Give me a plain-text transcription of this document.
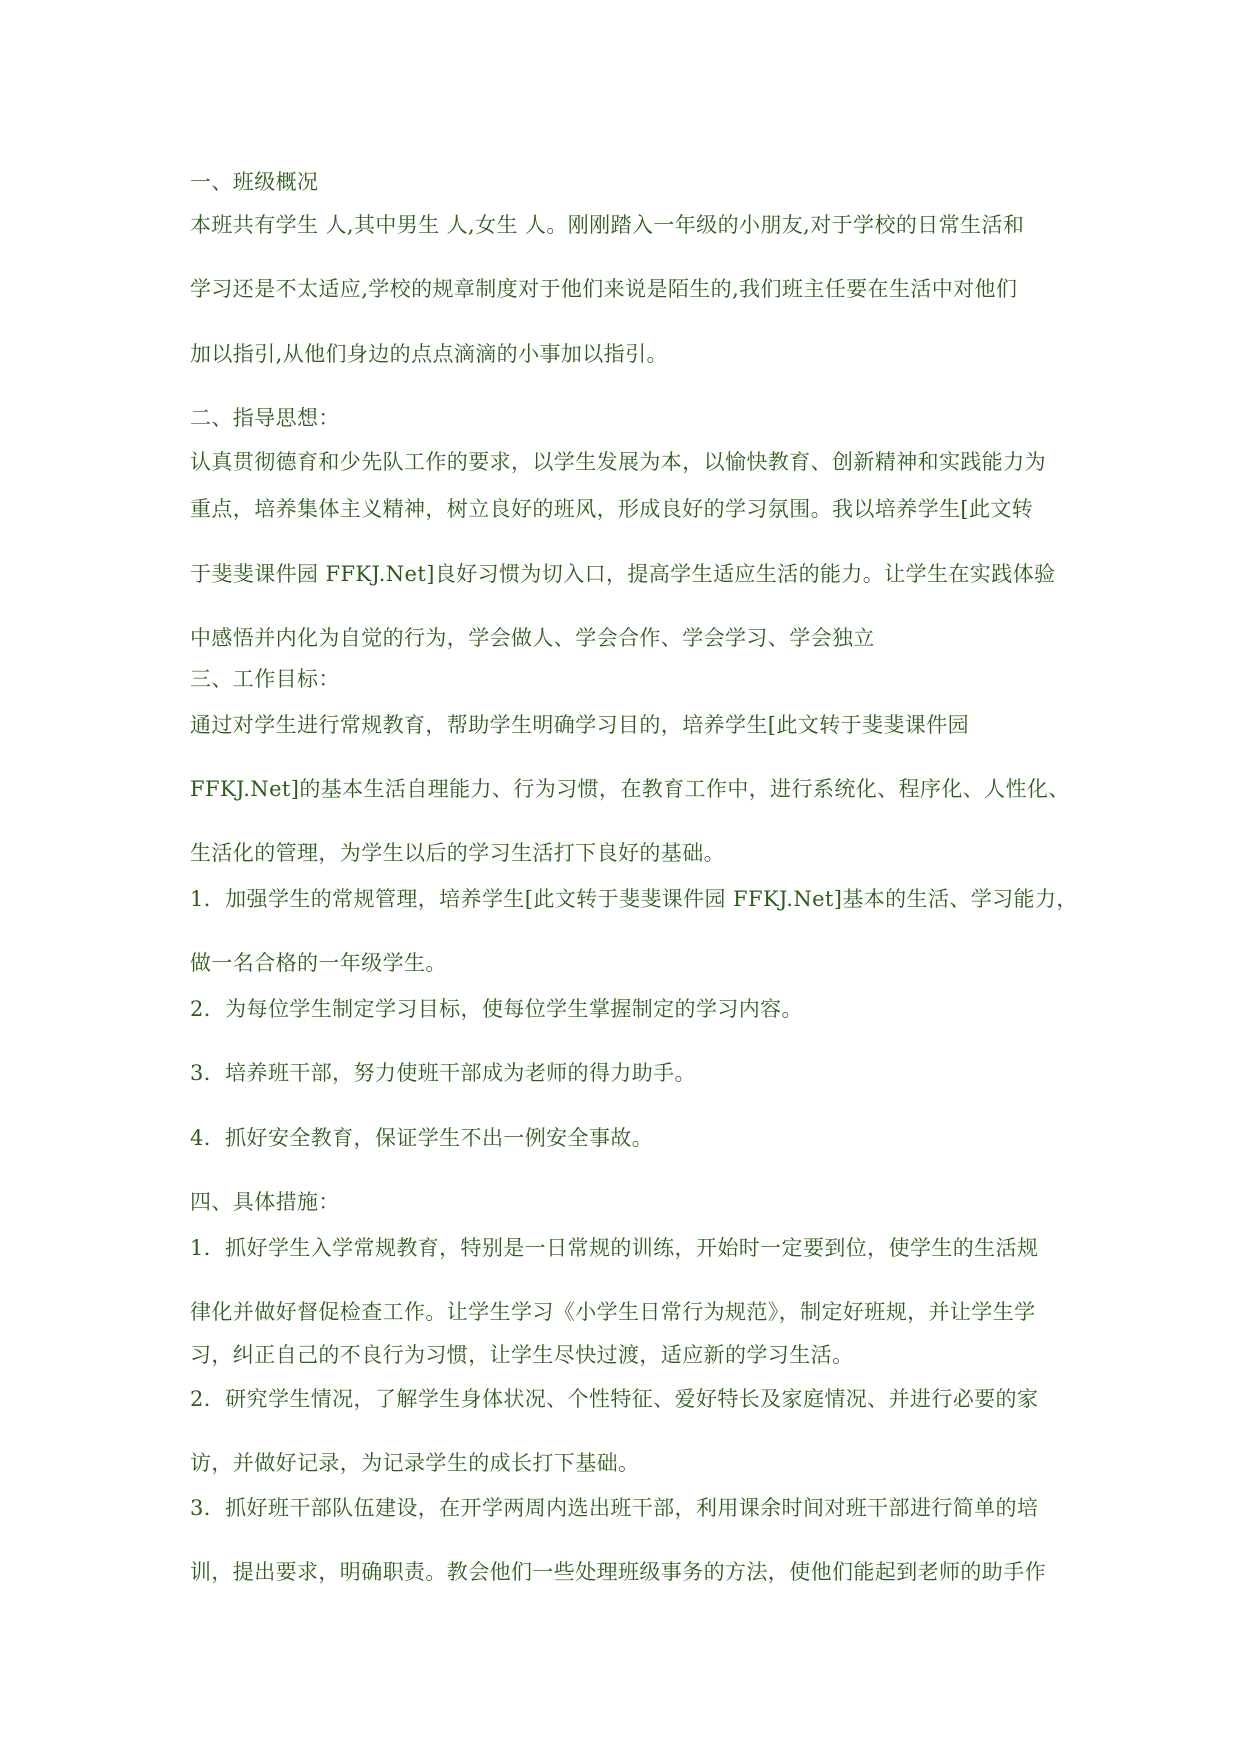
一、班级概况

本班共有学生 人,其中男生 人,女生 人。刚刚踏入一年级的小朋友,对于学校的日常生活和

学习还是不太适应,学校的规章制度对于他们来说是陌生的,我们班主任要在生活中对他们

加以指引,从他们身边的点点滴滴的小事加以指引。

二、指导思想：

认真贯彻德育和少先队工作的要求，以学生发展为本，以愉快教育、创新精神和实践能力为

重点，培养集体主义精神，树立良好的班风，形成良好的学习氛围。我以培养学生[此文转

于斐斐课件园 FFKJ.Net]良好习惯为切入口，提高学生适应生活的能力。让学生在实践体验

中感悟并内化为自觉的行为，学会做人、学会合作、学会学习、学会独立

三、工作目标：

通过对学生进行常规教育，帮助学生明确学习目的，培养学生[此文转于斐斐课件园

FFKJ.Net]的基本生活自理能力、行为习惯，在教育工作中，进行系统化、程序化、人性化、

生活化的管理，为学生以后的学习生活打下良好的基础。

1．加强学生的常规管理，培养学生[此文转于斐斐课件园 FFKJ.Net]基本的生活、学习能力，

做一名合格的一年级学生。

2．为每位学生制定学习目标，使每位学生掌握制定的学习内容。

3．培养班干部，努力使班干部成为老师的得力助手。

4．抓好安全教育，保证学生不出一例安全事故。

四、具体措施：

1．抓好学生入学常规教育，特别是一日常规的训练，开始时一定要到位，使学生的生活规

律化并做好督促检查工作。让学生学习《小学生日常行为规范》，制定好班规，并让学生学

习，纠正自己的不良行为习惯，让学生尽快过渡，适应新的学习生活。

2．研究学生情况，了解学生身体状况、个性特征、爱好特长及家庭情况、并进行必要的家

访，并做好记录，为记录学生的成长打下基础。

3．抓好班干部队伍建设，在开学两周内选出班干部，利用课余时间对班干部进行简单的培

训，提出要求，明确职责。教会他们一些处理班级事务的方法，使他们能起到老师的助手作
